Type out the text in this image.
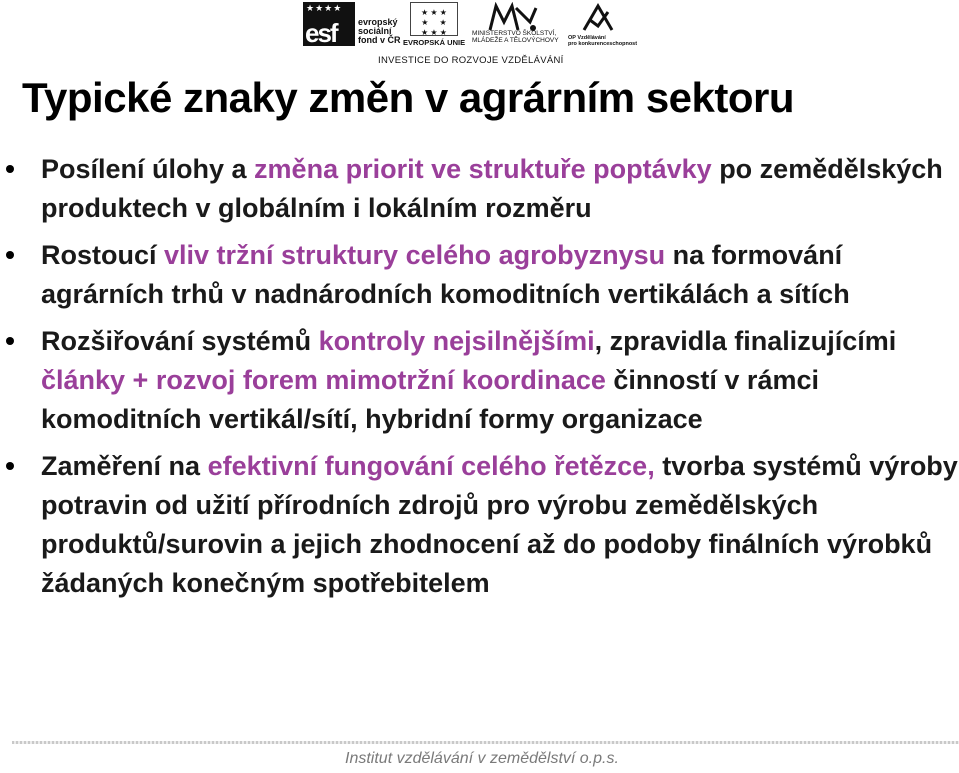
★★★★
esf evropský
sociální
fond v ČR
★ ★ ★
★     ★
★ ★ ★
EVROPSKÁ UNIE
MINISTERSTVO ŠKOLSTVÍ,
MLÁDEŽE A TĚLOVÝCHOVY OP Vzdělávání
pro konkurenceschopnost
INVESTICE DO ROZVOJE VZDĚLÁVÁNÍ
Typické znaky změn v agrárním sektoru
Posílení úlohy a změna priorit ve struktuře poptávky po zemědělských produktech v globálním i lokálním rozměru
Rostoucí vliv tržní struktury celého agrobyznysu na formování agrárních trhů v nadnárodních komoditních vertikálách a sítích
Rozšiřování systémů kontroly nejsilnějšími, zpravidla finalizujícími články + rozvoj forem mimotržní koordinace činností v rámci komoditních vertikál/sítí, hybridní formy organizace
Zaměření na efektivní fungování celého řetězce, tvorba systémů výroby potravin od užití přírodních zdrojů pro výrobu zemědělských produktů/surovin a jejich zhodnocení až do podoby finálních výrobků žádaných konečným spotřebitelem
Institut vzdělávání v zemědělství o.p.s.
